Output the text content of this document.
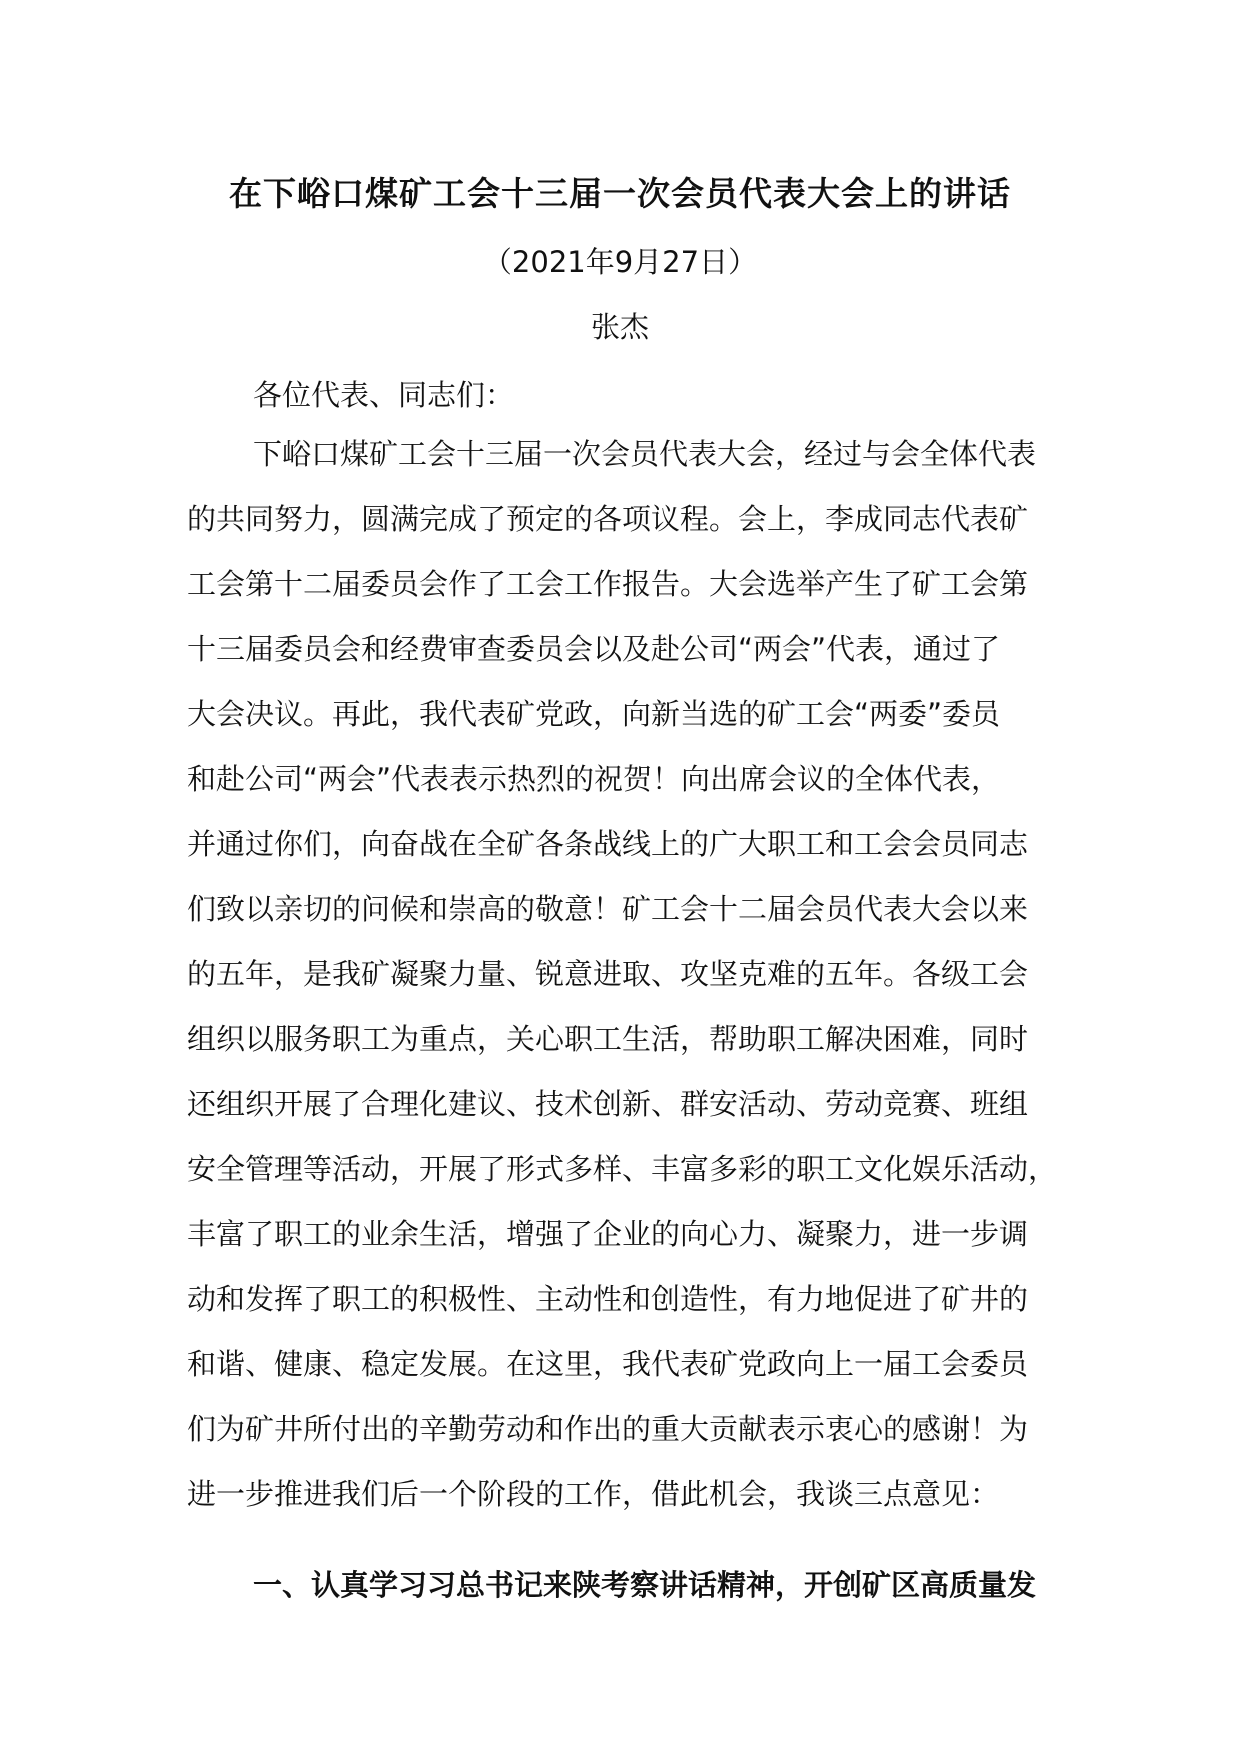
在下峪口煤矿工会十三届一次会员代表大会上的讲话
（2021年9月27日）
张杰
各位代表、同志们：
下峪口煤矿工会十三届一次会员代表大会，经过与会全体代表
的共同努力，圆满完成了预定的各项议程。会上，李成同志代表矿
工会第十二届委员会作了工会工作报告。大会选举产生了矿工会第
十三届委员会和经费审查委员会以及赴公司“两会”代表，通过了
大会决议。再此，我代表矿党政，向新当选的矿工会“两委”委员
和赴公司“两会”代表表示热烈的祝贺！向出席会议的全体代表，
并通过你们，向奋战在全矿各条战线上的广大职工和工会会员同志
们致以亲切的问候和崇高的敬意！矿工会十二届会员代表大会以来
的五年，是我矿凝聚力量、锐意进取、攻坚克难的五年。各级工会
组织以服务职工为重点，关心职工生活，帮助职工解决困难，同时
还组织开展了合理化建议、技术创新、群安活动、劳动竞赛、班组
安全管理等活动，开展了形式多样、丰富多彩的职工文化娱乐活动，
丰富了职工的业余生活，增强了企业的向心力、凝聚力，进一步调
动和发挥了职工的积极性、主动性和创造性，有力地促进了矿井的
和谐、健康、稳定发展。在这里，我代表矿党政向上一届工会委员
们为矿井所付出的辛勤劳动和作出的重大贡献表示衷心的感谢！为
进一步推进我们后一个阶段的工作，借此机会，我谈三点意见：
一、认真学习习总书记来陕考察讲话精神，开创矿区高质量发
